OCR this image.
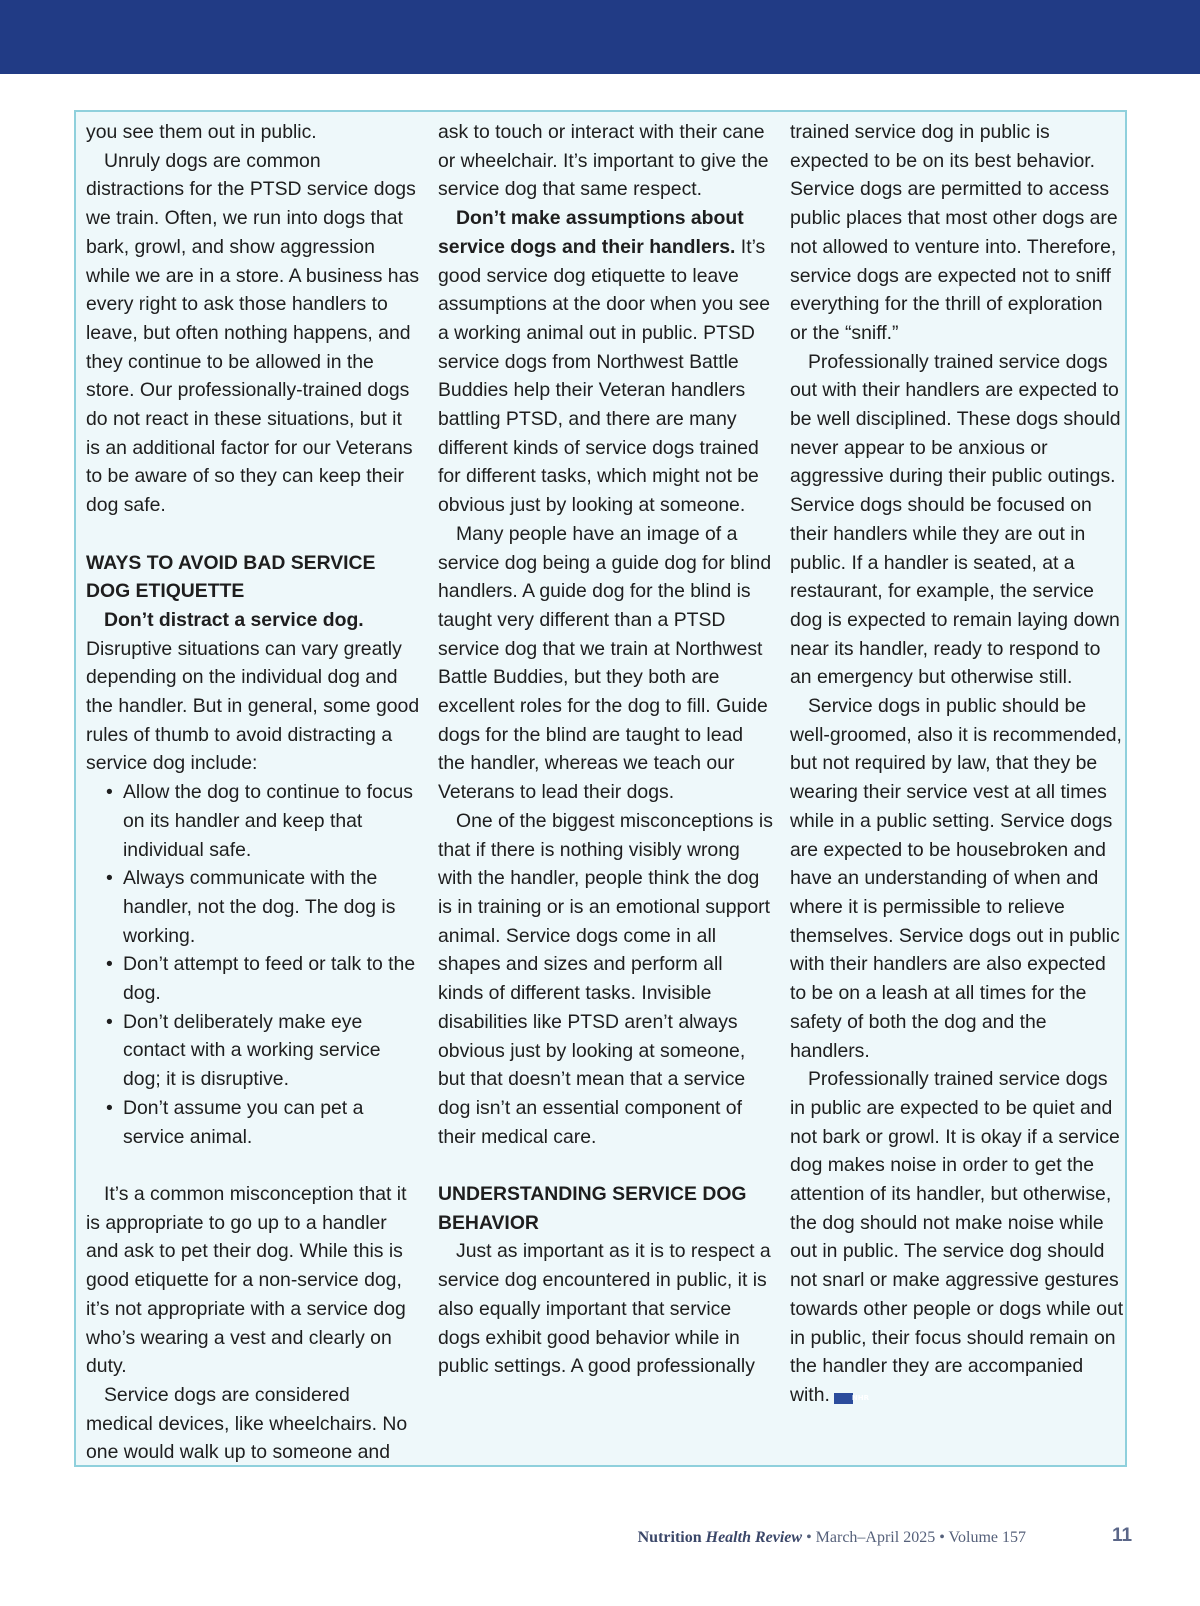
you see them out in public.

Unruly dogs are common distractions for the PTSD service dogs we train. Often, we run into dogs that bark, growl, and show aggression while we are in a store. A business has every right to ask those handlers to leave, but often nothing happens, and they continue to be allowed in the store. Our professionally-trained dogs do not react in these situations, but it is an additional factor for our Veterans to be aware of so they can keep their dog safe.

WAYS TO AVOID BAD SERVICE DOG ETIQUETTE

Don’t distract a service dog.

Disruptive situations can vary greatly depending on the individual dog and the handler. But in general, some good rules of thumb to avoid distracting a service dog include:

• Allow the dog to continue to focus on its handler and keep that individual safe.
• Always communicate with the handler, not the dog. The dog is working.
• Don’t attempt to feed or talk to the dog.
• Don’t deliberately make eye contact with a working service dog; it is disruptive.
• Don’t assume you can pet a service animal.

It’s a common misconception that it is appropriate to go up to a handler and ask to pet their dog. While this is good etiquette for a non-service dog, it’s not appropriate with a service dog who’s wearing a vest and clearly on duty.

Service dogs are considered medical devices, like wheelchairs. No one would walk up to someone and

ask to touch or interact with their cane or wheelchair. It’s important to give the service dog that same respect.

Don’t make assumptions about service dogs and their handlers. It’s good service dog etiquette to leave assumptions at the door when you see a working animal out in public. PTSD service dogs from Northwest Battle Buddies help their Veteran handlers battling PTSD, and there are many different kinds of service dogs trained for different tasks, which might not be obvious just by looking at someone.

Many people have an image of a service dog being a guide dog for blind handlers. A guide dog for the blind is taught very different than a PTSD service dog that we train at Northwest Battle Buddies, but they both are excellent roles for the dog to fill. Guide dogs for the blind are taught to lead the handler, whereas we teach our Veterans to lead their dogs.

One of the biggest misconceptions is that if there is nothing visibly wrong with the handler, people think the dog is in training or is an emotional support animal. Service dogs come in all shapes and sizes and perform all kinds of different tasks. Invisible disabilities like PTSD aren’t always obvious just by looking at someone, but that doesn’t mean that a service dog isn’t an essential component of their medical care.

UNDERSTANDING SERVICE DOG BEHAVIOR

Just as important as it is to respect a service dog encountered in public, it is also equally important that service dogs exhibit good behavior while in public settings. A good professionally

trained service dog in public is expected to be on its best behavior. Service dogs are permitted to access public places that most other dogs are not allowed to venture into. Therefore, service dogs are expected not to sniff everything for the thrill of exploration or the “sniff.”

Professionally trained service dogs out with their handlers are expected to be well disciplined. These dogs should never appear to be anxious or aggressive during their public outings. Service dogs should be focused on their handlers while they are out in public. If a handler is seated, at a restaurant, for example, the service dog is expected to remain laying down near its handler, ready to respond to an emergency but otherwise still.

Service dogs in public should be well-groomed, also it is recommended, but not required by law, that they be wearing their service vest at all times while in a public setting. Service dogs are expected to be housebroken and have an understanding of when and where it is permissible to relieve themselves. Service dogs out in public with their handlers are also expected to be on a leash at all times for the safety of both the dog and the handlers.

Professionally trained service dogs in public are expected to be quiet and not bark or growl. It is okay if a service dog makes noise in order to get the attention of its handler, but otherwise, the dog should not make noise while out in public. The service dog should not snarl or make aggressive gestures towards other people or dogs while out in public, their focus should remain on the handler they are accompanied with.	NHR

Nutrition Health Review • March–April 2025 • Volume 157	11
